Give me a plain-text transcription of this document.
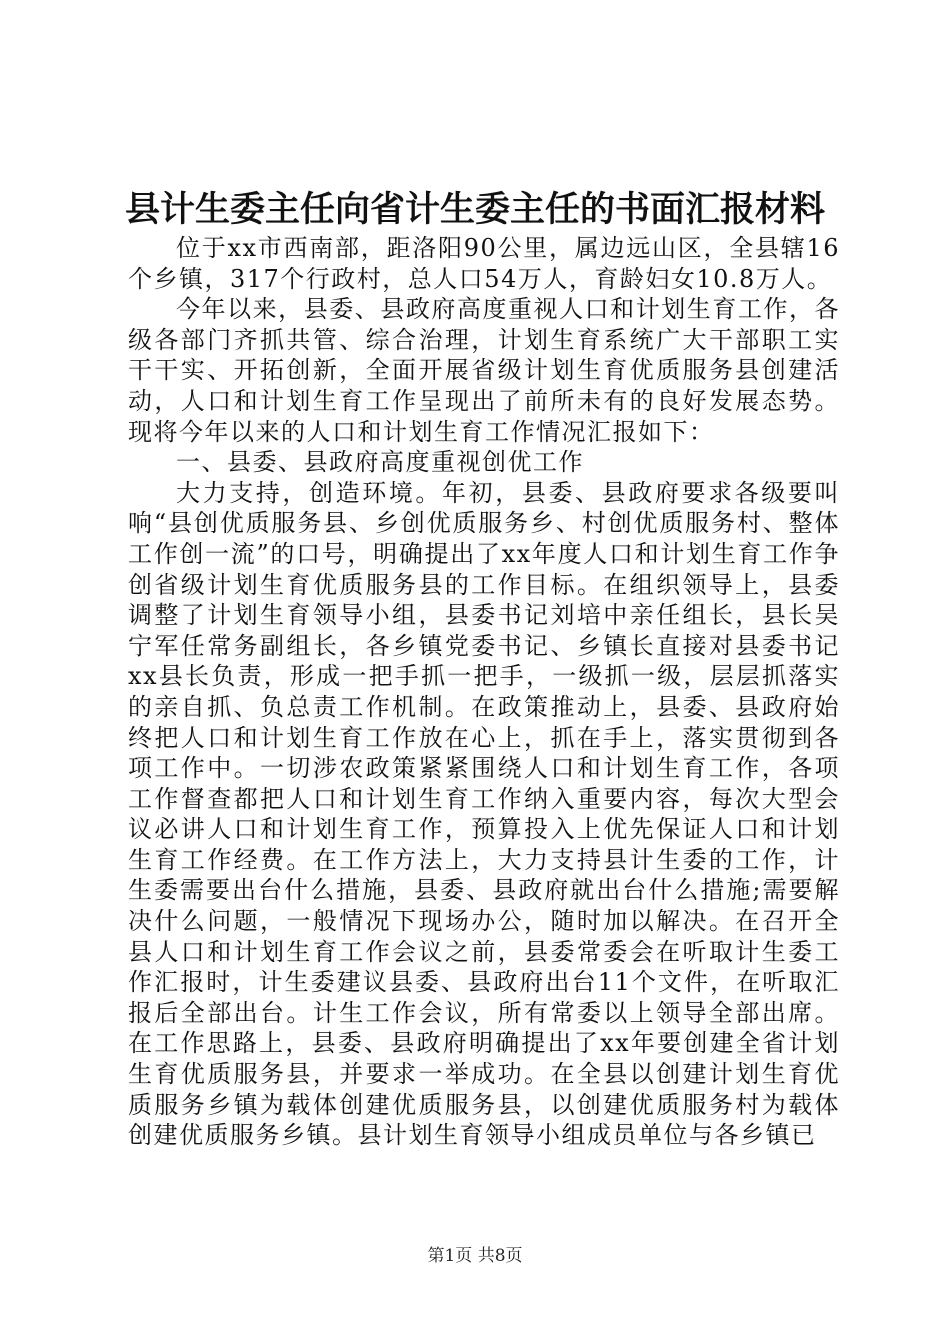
县计生委主任向省计生委主任的书面汇报材料

位于xx市西南部，距洛阳90公里，属边远山区，全县辖16个乡镇，317个行政村，总人口54万人，育龄妇女10.8万人。

今年以来，县委、县政府高度重视人口和计划生育工作，各级各部门齐抓共管、综合治理，计划生育系统广大干部职工实干干实、开拓创新，全面开展省级计划生育优质服务县创建活动，人口和计划生育工作呈现出了前所未有的良好发展态势。现将今年以来的人口和计划生育工作情况汇报如下：

一、县委、县政府高度重视创优工作

大力支持，创造环境。年初，县委、县政府要求各级要叫响“县创优质服务县、乡创优质服务乡、村创优质服务村、整体工作创一流”的口号，明确提出了xx年度人口和计划生育工作争创省级计划生育优质服务县的工作目标。在组织领导上，县委调整了计划生育领导小组，县委书记刘培中亲任组长，县长吴宁军任常务副组长，各乡镇党委书记、乡镇长直接对县委书记xx县长负责，形成一把手抓一把手，一级抓一级，层层抓落实的亲自抓、负总责工作机制。在政策推动上，县委、县政府始终把人口和计划生育工作放在心上，抓在手上，落实贯彻到各项工作中。一切涉农政策紧紧围绕人口和计划生育工作，各项工作督查都把人口和计划生育工作纳入重要内容，每次大型会议必讲人口和计划生育工作，预算投入上优先保证人口和计划生育工作经费。在工作方法上，大力支持县计生委的工作，计生委需要出台什么措施，县委、县政府就出台什么措施;需要解决什么问题，一般情况下现场办公，随时加以解决。在召开全县人口和计划生育工作会议之前，县委常委会在听取计生委工作汇报时，计生委建议县委、县政府出台11个文件，在听取汇报后全部出台。计生工作会议，所有常委以上领导全部出席。在工作思路上，县委、县政府明确提出了xx年要创建全省计划生育优质服务县，并要求一举成功。在全县以创建计划生育优质服务乡镇为载体创建优质服务县，以创建优质服务村为载体创建优质服务乡镇。县计划生育领导小组成员单位与各乡镇已

第1页 共8页
